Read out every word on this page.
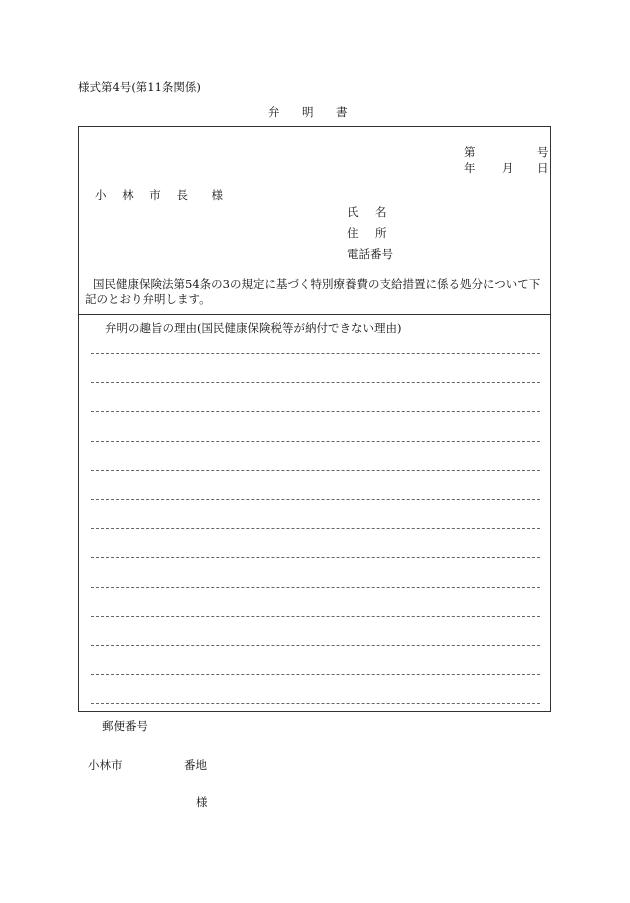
様式第4号(第11条関係)
弁 明 書
第	号
年 月 日
小 林 市 長　様
氏 名
住 所
電話番号
国民健康保険法第54条の3の規定に基づく特別療養費の支給措置に係る処分について下記のとおり弁明します。
弁明の趣旨の理由(国民健康保険税等が納付できない理由)
郵便番号
小林市	番地
様
